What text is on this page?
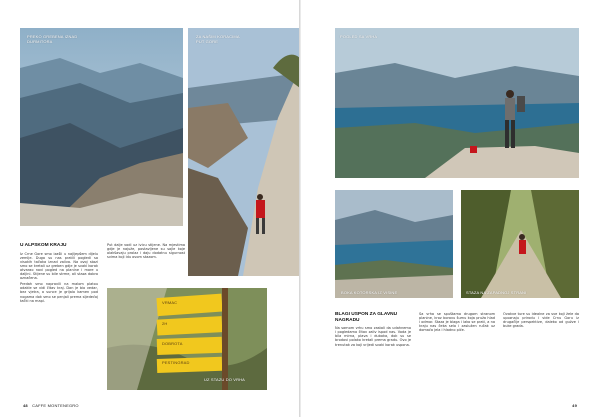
PREKO GREBENA IZNAD
DURMITORA
ZA NAŠIM KORACIMA
PUT GORE
VRMAC
2H
DOBROTA
PESTINGRAD
UZ STAZU DO VRHA
U ALPSKOM KRAJU

Iz Crne Gore smo izašli u najljepšem dijelu zemlje. Dugo su nas pratili pogledi sa visokih tačaka iznad zaliva. Na ovoj stazi smo se kretali uz greben gdje je svaki korak otvarao novi pogled na planine i more u daljini. Stijene su bile strme, ali staza dobro označena.

Predah smo napravili na malom platou odakle se vidi čitav kraj. Dan je bio vedar, bez vjetra, a sunce je grijalo kamen pod nogama dok smo se penjali prema sljedećoj tački na mapi.

Put dalje vodi uz ivicu stijene. Na mjestima gdje je najuže, postavljene su sajle koje olakšavaju prolaz i daju dodatnu sigurnost svima koji idu ovom stazom.

48 CAFFE MONTENEGRO
POGLED SA VRHA
BOKA KOTORSKA IZ VISINE	STAZA NA ZAPADNOJ STRANI
BLAGI USPON ZA GLAVNU
NAGRADU

Na samom vrhu smo zastali da udahnemo i pogledamo čitav zaliv ispod nas. Voda je bila mirna, plava i duboka, dok su se brodovi polako kretali prema gradu. Ovo je trenutak za koji vrijedi svaki korak uspona.

Sa vrha se spuštamo drugom stranom planine, kroz borovu šumu koja pruža hlad i odmor. Staza je blaga i lako se prati, a na kraju nas čeka selo i zaslužen ručak uz domaća jela i hladno piće.

Ovakve ture su idealne za sve koji žele da upoznaju prirodu i vide Crnu Goru iz drugačije perspektive, daleko od gužve i buke grada.

49
